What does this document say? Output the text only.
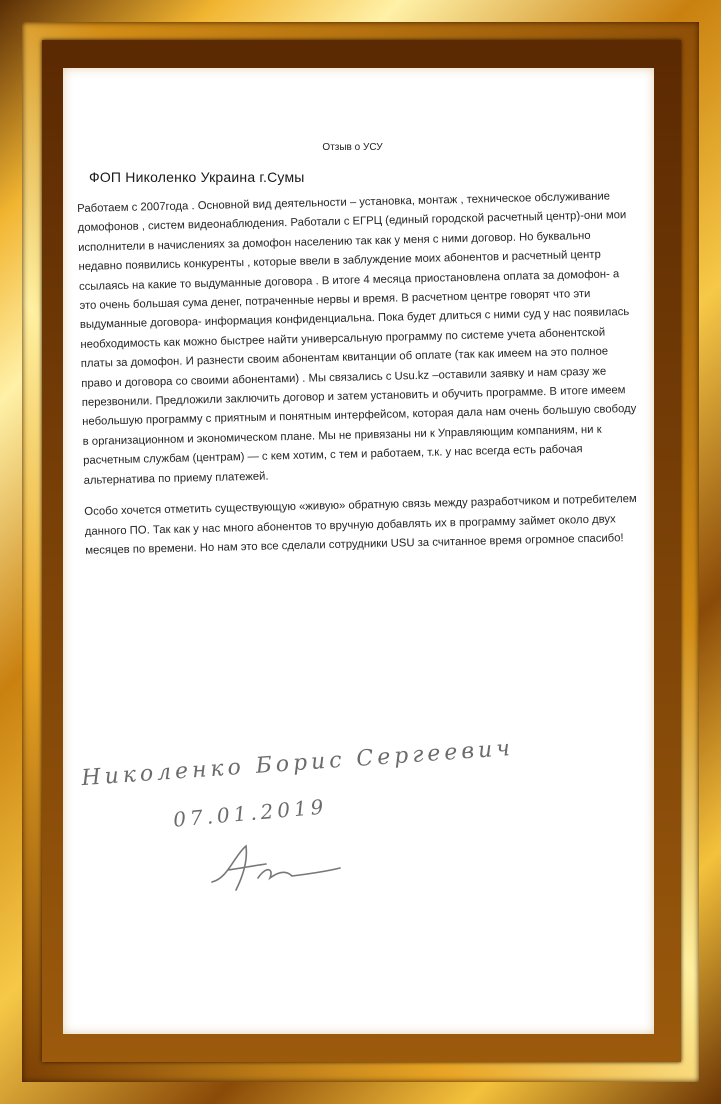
Отзыв о УСУ
ФОП Николенко Украина г.Сумы

Работаем с 2007года . Основной вид деятельности – установка, монтаж , техническое обслуживание домофонов , систем видеонаблюдения. Работали с ЕГРЦ (единый городской расчетный центр)-они мои исполнители в начислениях за домофон населению так как у меня с ними договор. Но буквально недавно появились конкуренты , которые ввели в заблуждение моих абонентов и расчетный центр ссылаясь на какие то выдуманные договора . В итоге 4 месяца приостановлена оплата за домофон- а это очень большая сума денег, потраченные нервы и время. В расчетном центре говорят что эти выдуманные договора- информация конфиденциальна. Пока будет длиться с ними суд у нас появилась необходимость как можно быстрее найти универсальную программу по системе учета абонентской платы за домофон. И разнести своим абонентам квитанции об оплате (так как имеем на это полное право и договора со своими абонентами) . Мы связались с Usu.kz –оставили заявку и нам сразу же перезвонили. Предложили заключить договор и затем установить и обучить программе. В итоге имеем небольшую программу с приятным и понятным интерфейсом, которая дала нам очень большую свободу в организационном и экономическом плане. Мы не привязаны ни к Управляющим компаниям, ни к расчетным службам (центрам) — с кем хотим, с тем и работаем, т.к. у нас всегда есть рабочая альтернатива по приему платежей.

Особо хочется отметить существующую «живую» обратную связь между разработчиком и потребителем данного ПО. Так как у нас много абонентов то вручную добавлять их в программу займет около двух месяцев по времени. Но нам это все сделали сотрудники USU за считанное время огромное спасибо!

Николенко Борис Сергеевич
07.01.2019
